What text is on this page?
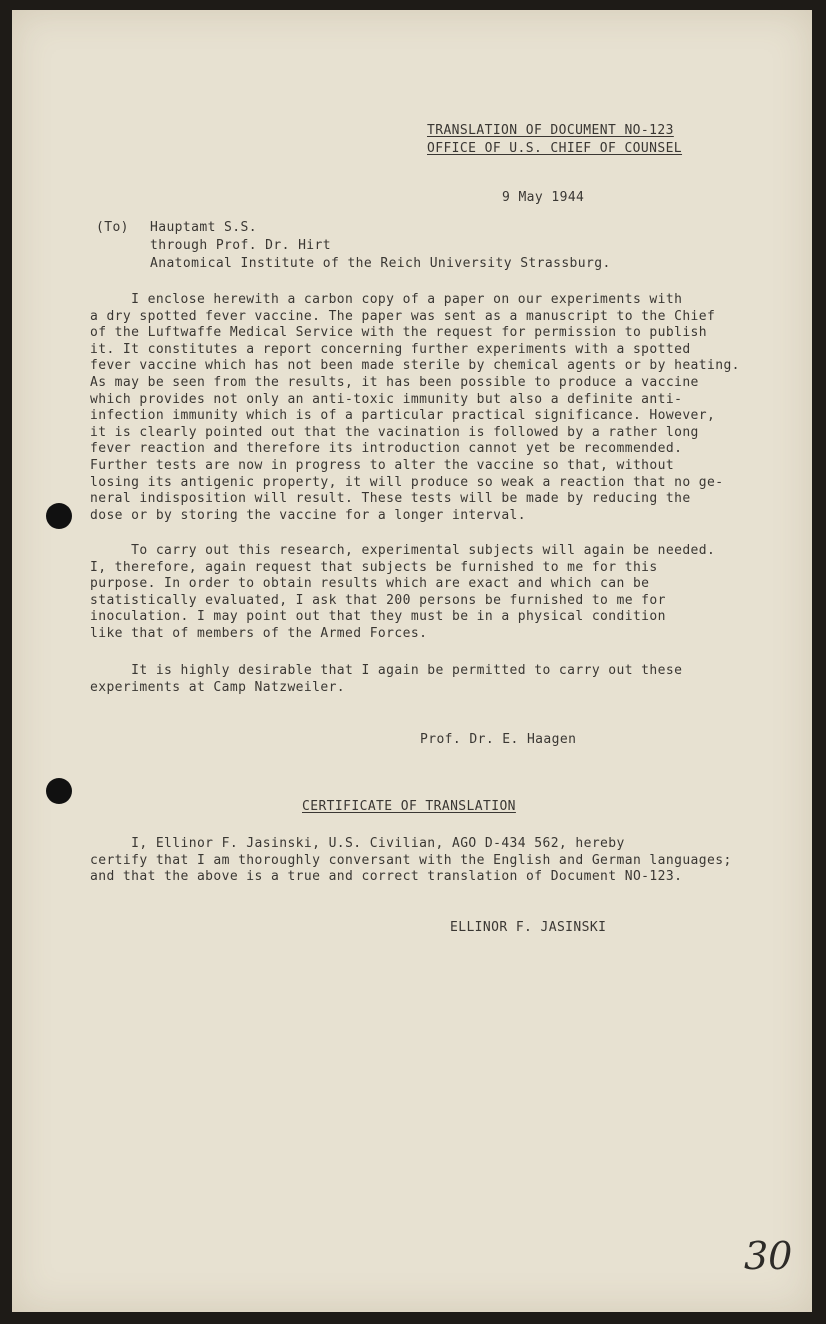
TRANSLATION OF DOCUMENT NO-123
OFFICE OF U.S. CHIEF OF COUNSEL
9 May 1944
(To) Hauptamt S.S.
through Prof. Dr. Hirt
Anatomical Institute of the Reich University Strassburg.

I enclose herewith a carbon copy of a paper on our experiments with

a dry spotted fever vaccine. The paper was sent as a manuscript to the Chief

of the Luftwaffe Medical Service with the request for permission to publish

it. It constitutes a report concerning further experiments with a spotted

fever vaccine which has not been made sterile by chemical agents or by heating.

As may be seen from the results, it has been possible to produce a vaccine

which provides not only an anti-toxic immunity but also a definite anti-

infection immunity which is of a particular practical significance. However,

it is clearly pointed out that the vacination is followed by a rather long

fever reaction and therefore its introduction cannot yet be recommended.

Further tests are now in progress to alter the vaccine so that, without

losing its antigenic property, it will produce so weak a reaction that no ge-

neral indisposition will result. These tests will be made by reducing the

dose or by storing the vaccine for a longer interval.

To carry out this research, experimental subjects will again be needed.

I, therefore, again request that subjects be furnished to me for this

purpose. In order to obtain results which are exact and which can be

statistically evaluated, I ask that 200 persons be furnished to me for

inoculation. I may point out that they must be in a physical condition

like that of members of the Armed Forces.

It is highly desirable that I again be permitted to carry out these

experiments at Camp Natzweiler.

Prof. Dr. E. Haagen
CERTIFICATE OF TRANSLATION

I, Ellinor F. Jasinski, U.S. Civilian, AGO D-434 562, hereby

certify that I am thoroughly conversant with the English and German languages;

and that the above is a true and correct translation of Document NO-123.

ELLINOR F. JASINSKI
30
